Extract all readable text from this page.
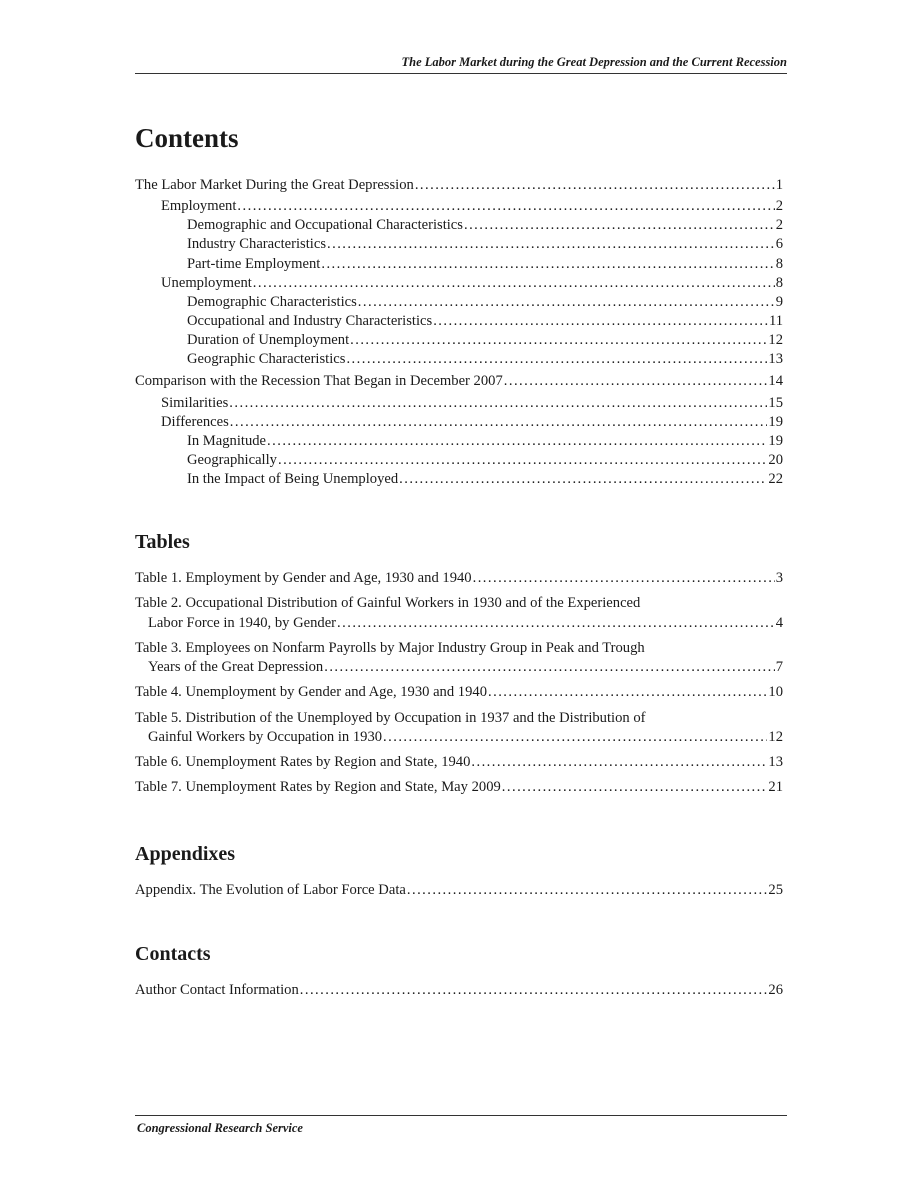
The Labor Market during the Great Depression and the Current Recession
Contents
The Labor Market During the Great Depression . . .	1
Employment . . .	2
Demographic and Occupational Characteristics . . .	2
Industry Characteristics . . .	6
Part-time Employment . . .	8
Unemployment . . .	8
Demographic Characteristics . . .	9
Occupational and Industry Characteristics . . .	11
Duration of Unemployment . . .	12
Geographic Characteristics . . .	13
Comparison with the Recession That Began in December 2007 . . .	14
Similarities . . .	15
Differences . . .	19
In Magnitude . . .	19
Geographically . . .	20
In the Impact of Being Unemployed . . .	22
Tables
Table 1. Employment by Gender and Age, 1930 and 1940 . . .	3
Table 2. Occupational Distribution of Gainful Workers in 1930 and of the Experienced
Labor Force in 1940, by Gender . . .	4
Table 3. Employees on Nonfarm Payrolls by Major Industry Group in Peak and Trough
Years of the Great Depression . . .	7
Table 4. Unemployment by Gender and Age, 1930 and 1940 . . .	10
Table 5. Distribution of the Unemployed by Occupation in 1937 and the Distribution of
Gainful Workers by Occupation in 1930 . . .	12
Table 6. Unemployment Rates by Region and State, 1940 . . .	13
Table 7. Unemployment Rates by Region and State, May 2009 . . .	21
Appendixes
Appendix. The Evolution of Labor Force Data . . .	25
Contacts
Author Contact Information . . .	26
Congressional Research Service
